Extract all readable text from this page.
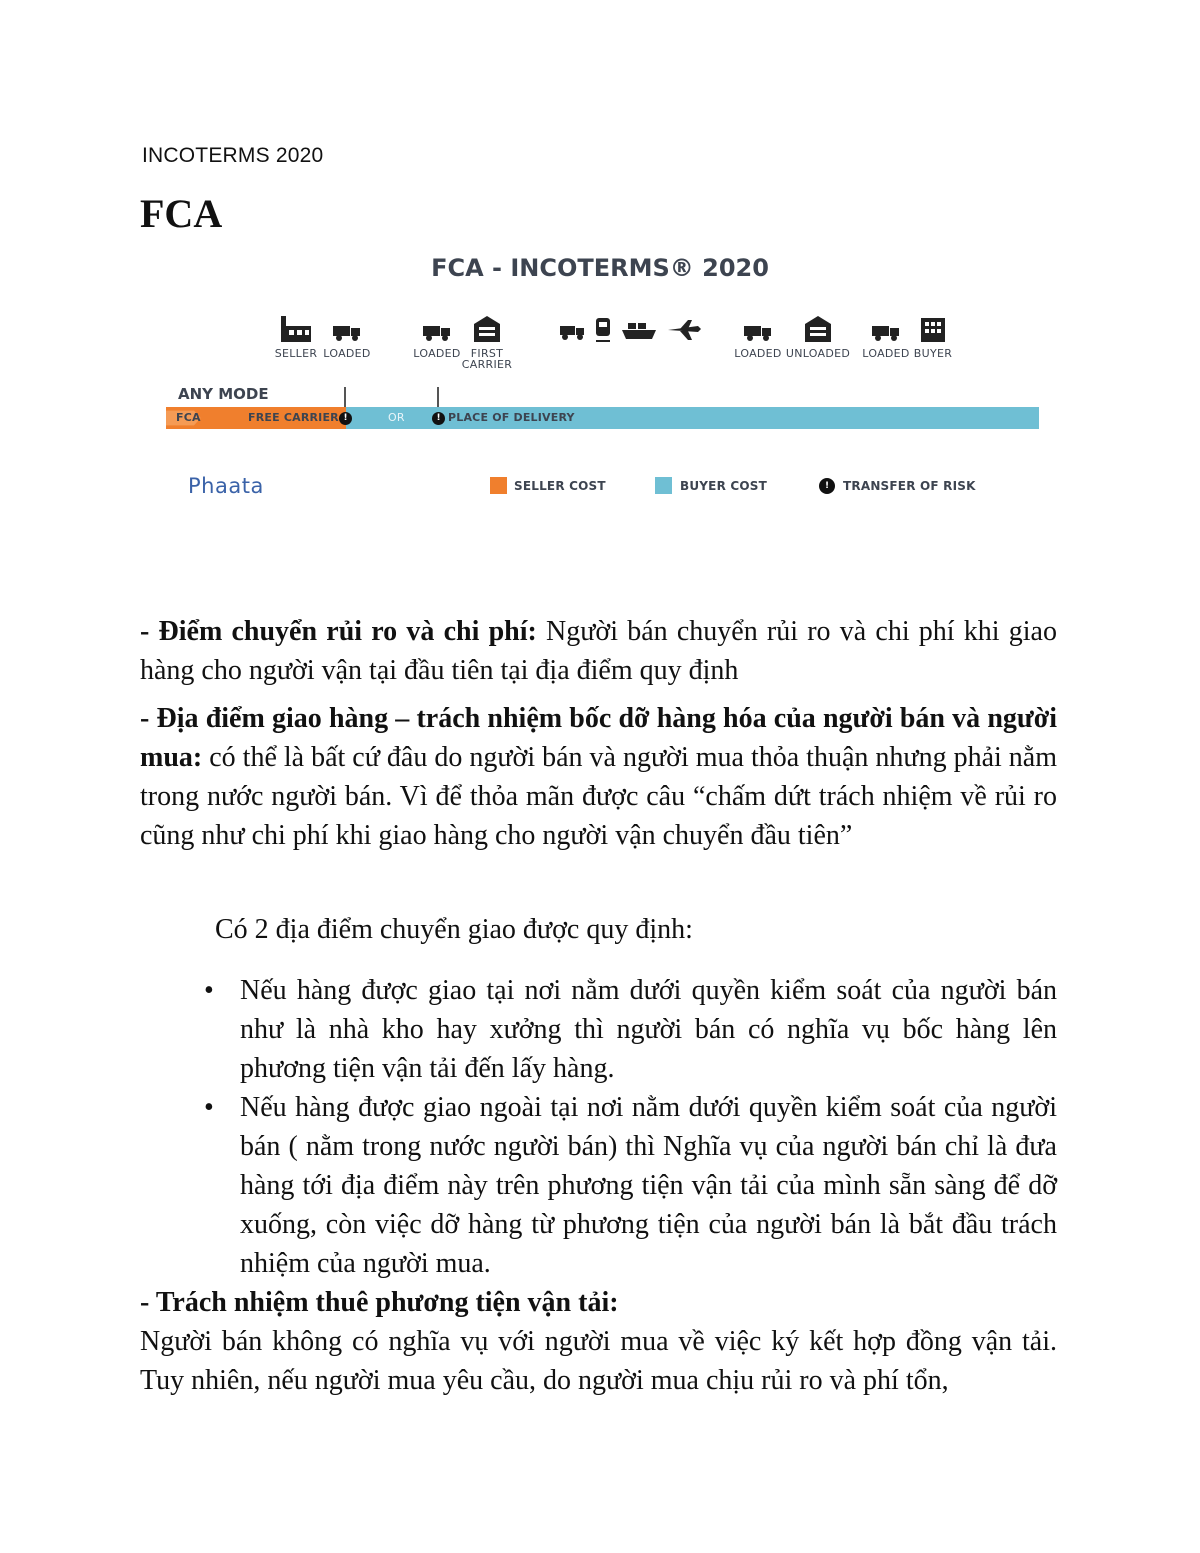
INCOTERMS 2020
FCA
FCA - INCOTERMS® 2020
SELLER LOADED	LOADED FIRST
CARRIER
LOADED UNLOADED	LOADED BUYER
ANY MODE
FCA	FREE CARRIER !	OR	! PLACE OF DELIVERY
Phaata	SELLER COST	BUYER COST	!	TRANSFER OF RISK
- Điểm chuyển rủi ro và chi phí: Người bán chuyển rủi ro và chi phí khi giao hàng cho người vận tại đầu tiên tại địa điểm quy định
- Địa điểm giao hàng – trách nhiệm bốc dỡ hàng hóa của người bán và người mua: có thể là bất cứ đâu do người bán và người mua thỏa thuận nhưng phải nằm trong nước người bán. Vì để thỏa mãn được câu “chấm dứt trách nhiệm về rủi ro cũng như chi phí khi giao hàng cho người vận chuyển đầu tiên”
Có 2 địa điểm chuyển giao được quy định:
• Nếu hàng được giao tại nơi nằm dưới quyền kiểm soát của người bán như là nhà kho hay xưởng thì người bán có nghĩa vụ bốc hàng lên phương tiện vận tải đến lấy hàng.
• Nếu hàng được giao ngoài tại nơi nằm dưới quyền kiểm soát của người bán ( nằm trong nước người bán) thì Nghĩa vụ của người bán chỉ là đưa hàng tới địa điểm này trên phương tiện vận tải của mình sẵn sàng để dỡ xuống, còn việc dỡ hàng từ phương tiện của người bán là bắt đầu trách nhiệm của người mua.
- Trách nhiệm thuê phương tiện vận tải:
Người bán không có nghĩa vụ với người mua về việc ký kết hợp đồng vận tải. Tuy nhiên, nếu người mua yêu cầu, do người mua chịu rủi ro và phí tổn,
